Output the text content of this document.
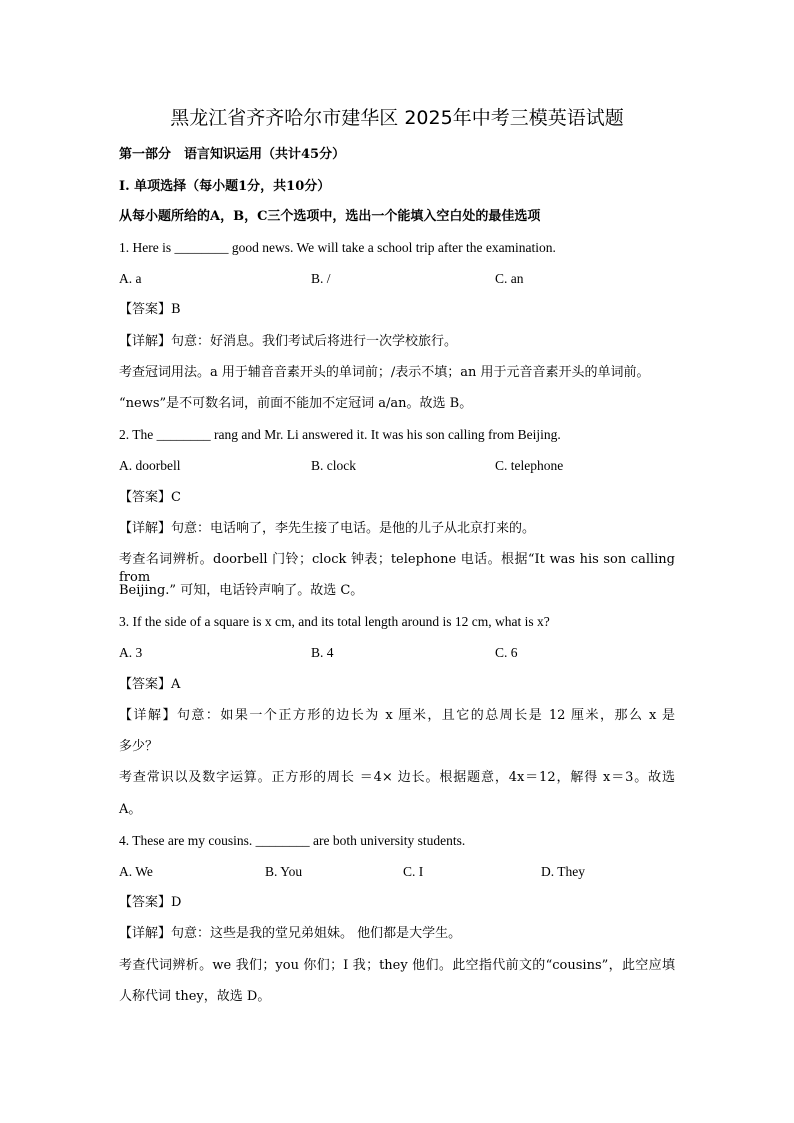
黑龙江省齐齐哈尔市建华区 2025年中考三模英语试题
第一部分　语言知识运用（共计45分）
Ⅰ. 单项选择（每小题1分，共10分）
从每小题所给的A，B，C三个选项中，选出一个能填入空白处的最佳选项
1. Here is ________ good news. We will take a school trip after the examination.
A. a	B. /	C. an
【答案】B
【详解】句意：好消息。我们考试后将进行一次学校旅行。
考查冠词用法。a 用于辅音音素开头的单词前；/表示不填；an 用于元音音素开头的单词前。
“news”是不可数名词，前面不能加不定冠词 a/an。故选 B。
2. The ________ rang and Mr. Li answered it. It was his son calling from Beijing.
A. doorbell	B. clock	C. telephone
【答案】C
【详解】句意：电话响了，李先生接了电话。是他的儿子从北京打来的。
考查名词辨析。doorbell 门铃；clock 钟表；telephone 电话。根据“It was his son calling from
Beijing.” 可知，电话铃声响了。故选 C。
3. If the side of a square is x cm, and its total length around is 12 cm, what is x?
A. 3	B. 4	C. 6
【答案】A
【详解】句意：如果一个正方形的边长为 x 厘米，且它的总周长是 12 厘米，那么 x 是
多少？
考查常识以及数字运算。正方形的周长 ＝4× 边长。根据题意，4x＝12，解得 x＝3。故选
A。
4. These are my cousins. ________ are both university students.
A. We	B. You	C. I	D. They
【答案】D
【详解】句意：这些是我的堂兄弟姐妹。 他们都是大学生。
考查代词辨析。we 我们；you 你们；I 我；they 他们。此空指代前文的“cousins”，此空应填
人称代词 they，故选 D。
